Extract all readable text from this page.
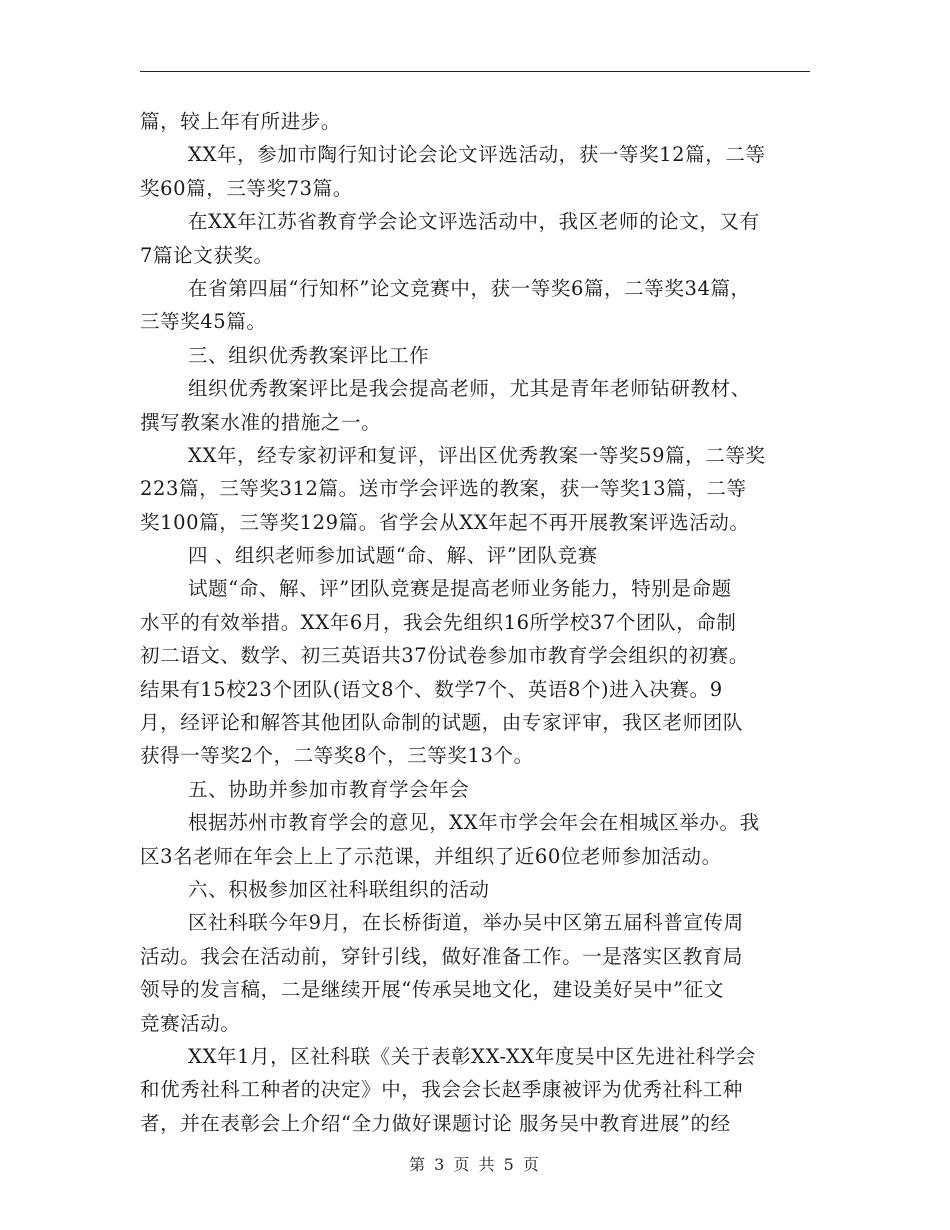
篇，较上年有所进步。
XX年，参加市陶行知讨论会论文评选活动，获一等奖12篇，二等
奖60篇，三等奖73篇。
在XX年江苏省教育学会论文评选活动中，我区老师的论文，又有
7篇论文获奖。
在省第四届“行知杯”论文竞赛中，获一等奖6篇，二等奖34篇，
三等奖45篇。
三、组织优秀教案评比工作
组织优秀教案评比是我会提高老师，尤其是青年老师钻研教材、
撰写教案水准的措施之一。
XX年，经专家初评和复评，评出区优秀教案一等奖59篇，二等奖
223篇，三等奖312篇。送市学会评选的教案，获一等奖13篇，二等
奖100篇，三等奖129篇。省学会从XX年起不再开展教案评选活动。
四 、组织老师参加试题“命、解、评”团队竞赛
试题“命、解、评”团队竞赛是提高老师业务能力，特别是命题
水平的有效举措。XX年6月，我会先组织16所学校37个团队，命制
初二语文、数学、初三英语共37份试卷参加市教育学会组织的初赛。
结果有15校23个团队(语文8个、数学7个、英语8个)进入决赛。9
月，经评论和解答其他团队命制的试题，由专家评审，我区老师团队
获得一等奖2个，二等奖8个，三等奖13个。
五、协助并参加市教育学会年会
根据苏州市教育学会的意见，XX年市学会年会在相城区举办。我
区3名老师在年会上上了示范课，并组织了近60位老师参加活动。
六、积极参加区社科联组织的活动
区社科联今年9月，在长桥街道，举办吴中区第五届科普宣传周
活动。我会在活动前，穿针引线，做好准备工作。一是落实区教育局
领导的发言稿，二是继续开展“传承吴地文化，建设美好吴中”征文
竞赛活动。
XX年1月，区社科联《关于表彰XX-XX年度吴中区先进社科学会
和优秀社科工种者的决定》中，我会会长赵季康被评为优秀社科工种
者，并在表彰会上介绍“全力做好课题讨论 服务吴中教育进展”的经
第 3 页 共 5 页
